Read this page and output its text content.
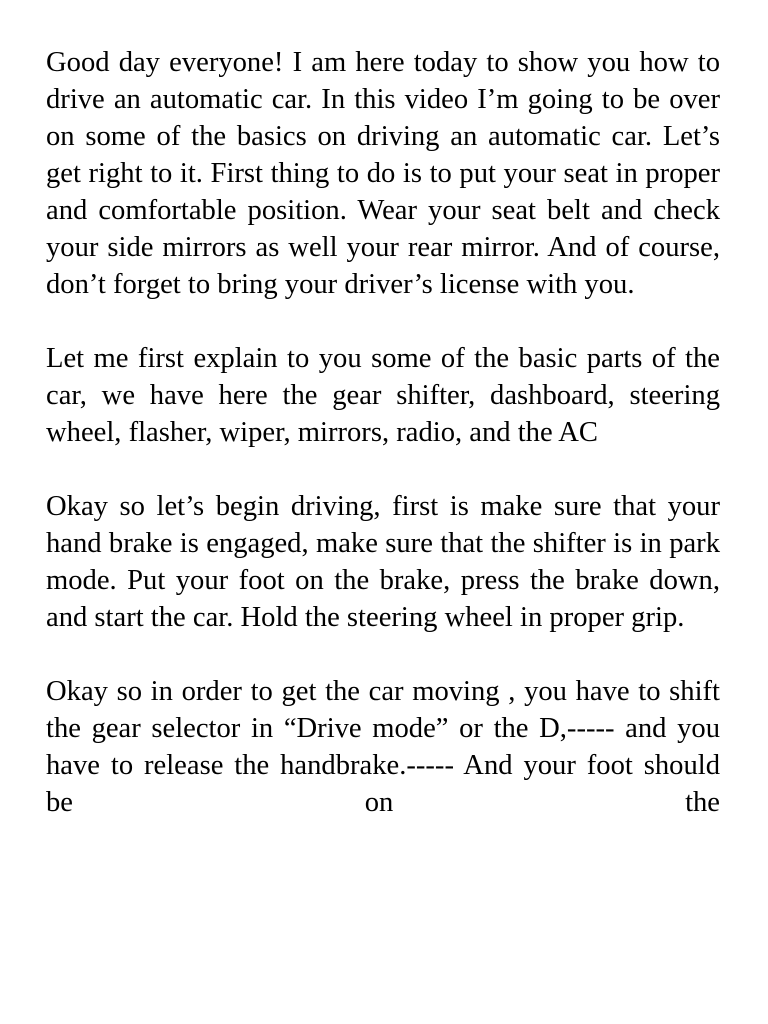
Good day everyone! I am here today to show you how to drive an automatic car. In this video I’m going to be over on some of the basics on driving an automatic car. Let’s get right to it. First thing to do is to put your seat in proper and comfortable position. Wear your seat belt and check your side mirrors as well your rear mirror. And of course, don’t forget to bring your driver’s license with you.

Let me first explain to you some of the basic parts of the car, we have here the gear shifter, dashboard, steering wheel, flasher, wiper, mirrors, radio, and the AC

Okay so let’s begin driving, first is make sure that your hand brake is engaged, make sure that the shifter is in park mode. Put your foot on the brake, press the brake down, and start the car. Hold the steering wheel in proper grip.

Okay so in order to get the car moving , you have to shift the gear selector in “Drive mode” or the D,----- and you have to release the handbrake.----- And your foot should be on the
